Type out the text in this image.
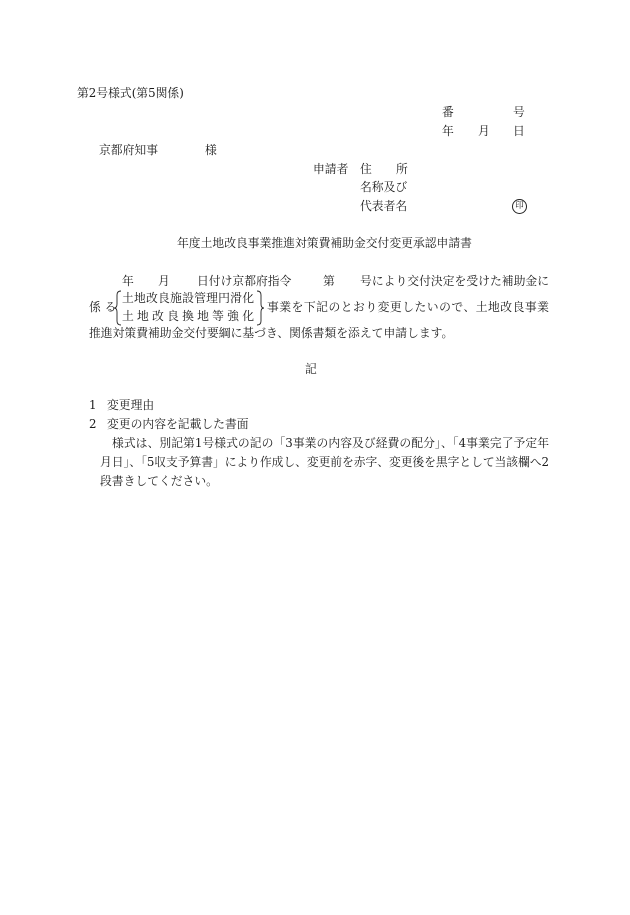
第2号様式(第5関係)
番	号
年 月 日
京都府知事	様
申請者 住 所
名称及び
代表者名	印
年度土地改良事業推進対策費補助金交付変更承認申請書
年 月 日付け京都府指令	第 号により交付決定を受けた補助金に
係 る
土地改良施設管理円滑化
土 地 改 良 換 地 等 強 化
事業を下記のとおり変更したいので、土地改良事業
推進対策費補助金交付要綱に基づき、関係書類を添えて申請します。
記
1 変更理由
2 変更の内容を記載した書面
様式は、別記第1号様式の記の「3事業の内容及び経費の配分」、「4事業完了予定年
月日」、「5収支予算書」により作成し、変更前を赤字、変更後を黒字として当該欄へ2
段書きしてください。
